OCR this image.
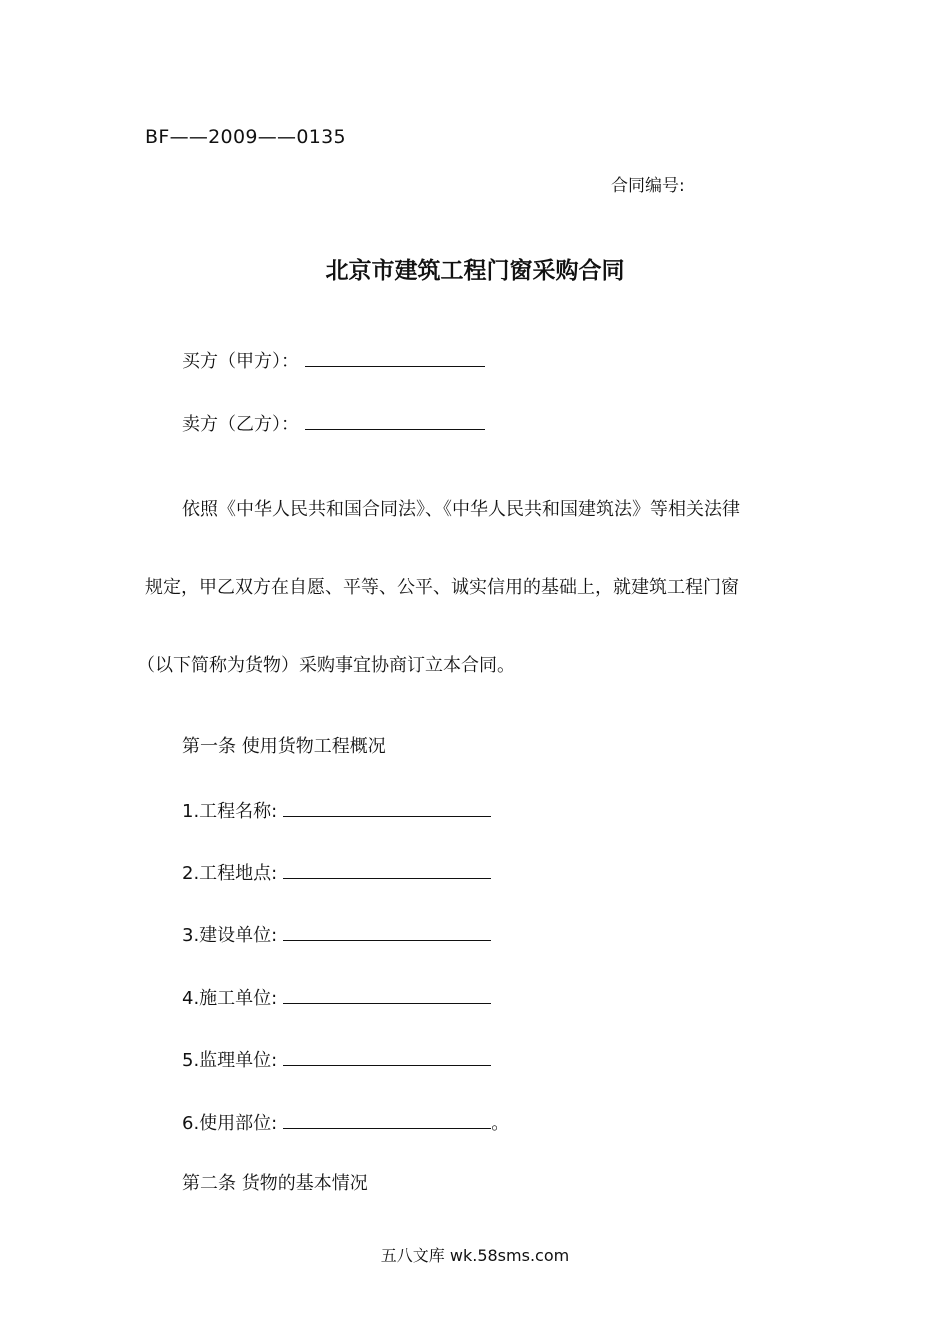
BF——2009——0135
合同编号:
北京市建筑工程门窗采购合同
买方（甲方）：
卖方（乙方）：

依照《中华人民共和国合同法》、《中华人民共和国建筑法》等相关法律

规定，甲乙双方在自愿、平等、公平、诚实信用的基础上，就建筑工程门窗

（以下简称为货物）采购事宜协商订立本合同。

第一条 使用货物工程概况
1.工程名称:
2.工程地点:
3.建设单位:
4.施工单位:
5.监理单位:
6.使用部位:	。
第二条 货物的基本情况
五八文库 wk.58sms.com
